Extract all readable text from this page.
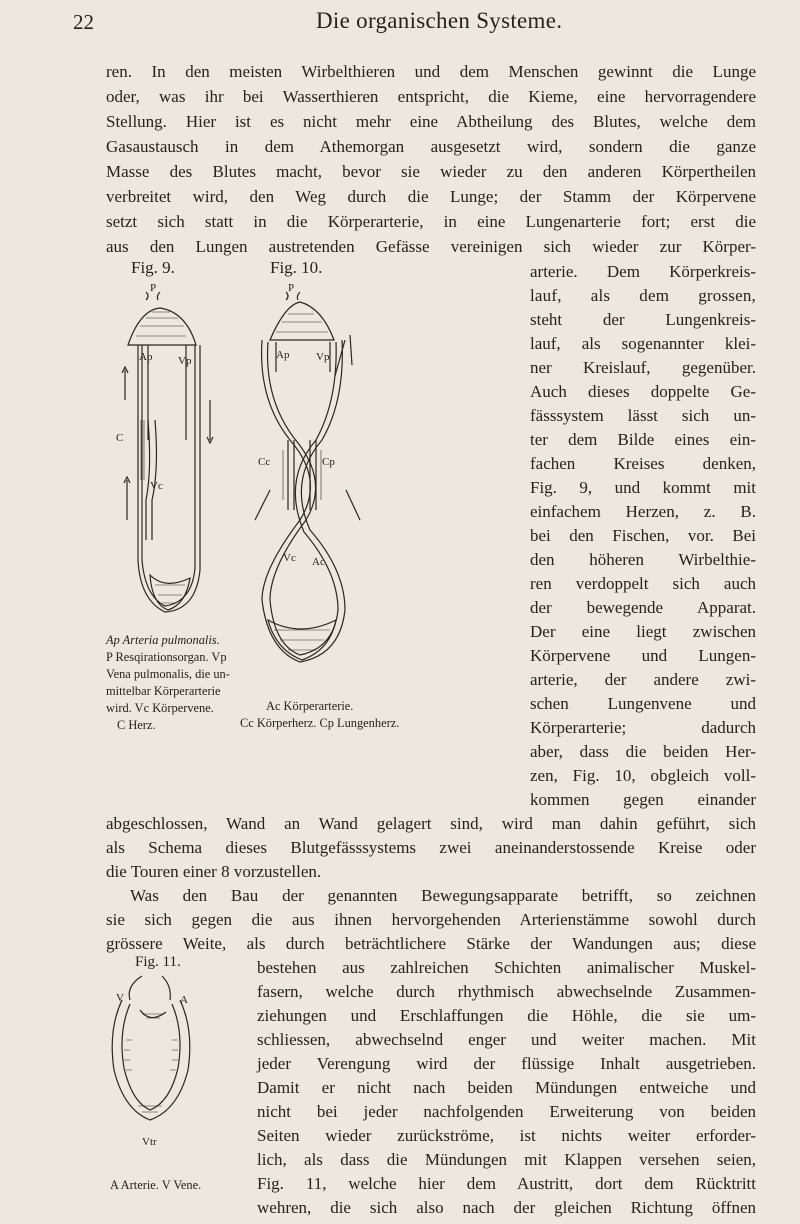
22	Die organischen Systeme.
ren. In den meisten Wirbelthieren und dem Menschen gewinnt die Lunge
oder, was ihr bei Wasserthieren entspricht, die Kieme, eine hervorragendere
Stellung. Hier ist es nicht mehr eine Abtheilung des Blutes, welche dem
Gasaustausch in dem Athemorgan ausgesetzt wird, sondern die ganze
Masse des Blutes macht, bevor sie wieder zu den anderen Körpertheilen
verbreitet wird, den Weg durch die Lunge; der Stamm der Körpervene
setzt sich statt in die Körperarterie, in eine Lungenarterie fort; erst die
aus den Lungen austretenden Gefässe vereinigen sich wieder zur Körper-
arterie. Dem Körperkreis-
lauf, als dem grossen,
steht der Lungenkreis-
lauf, als sogenannter klei-
ner Kreislauf, gegenüber.
Auch dieses doppelte Ge-
fässsystem lässt sich un-
ter dem Bilde eines ein-
fachen Kreises denken,
Fig. 9, und kommt mit
einfachem Herzen, z. B.
bei den Fischen, vor. Bei
den höheren Wirbelthie-
ren verdoppelt sich auch
der bewegende Apparat.
Der eine liegt zwischen
Körpervene und Lungen-
arterie, der andere zwi-
schen Lungenvene und
Körperarterie; dadurch
aber, dass die beiden Her-
zen, Fig. 10, obgleich voll-
kommen gegen einander
abgeschlossen, Wand an Wand gelagert sind, wird man dahin geführt, sich
als Schema dieses Blutgefässsystems zwei aneinanderstossende Kreise oder
die Touren einer 8 vorzustellen.
Was den Bau der genannten Bewegungsapparate betrifft, so zeichnen
sie sich gegen die aus ihnen hervorgehenden Arterienstämme sowohl durch
grössere Weite, als durch beträchtlichere Stärke der Wandungen aus; diese
bestehen aus zahlreichen Schichten animalischer Muskel-
fasern, welche durch rhythmisch abwechselnde Zusammen-
ziehungen und Erschlaffungen die Höhle, die sie um-
schliessen, abwechselnd enger und weiter machen. Mit
jeder Verengung wird der flüssige Inhalt ausgetrieben.
Damit er nicht nach beiden Mündungen entweiche und
nicht bei jeder nachfolgenden Erweiterung von beiden
Seiten wieder zurückströme, ist nichts weiter erforder-
lich, als dass die Mündungen mit Klappen versehen seien,
Fig. 11, welche hier dem Austritt, dort dem Rücktritt
wehren, die sich also nach der gleichen Richtung öffnen
Fig. 9.
P
Ap Vp
C
Vc
Ap Arteria pulmonalis.
P Resqirationsorgan. Vp
Vena pulmonalis, die un-
mittelbar Körperarterie
wird. Vc Körpervene.
C Herz.
Fig. 10.
P
Ap Vp
Cc	Cp
Vc Ac
Ac Körperarterie.
Cc Körperherz. Cp Lungenherz.
Fig. 11.
V	A
Vtr
A Arterie. V Vene.
